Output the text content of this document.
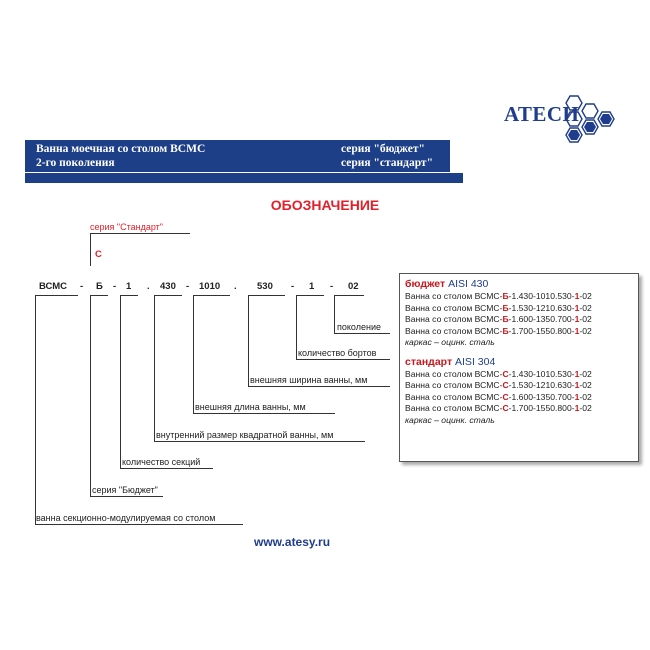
АТЕСИ
Ванна моечная со столом ВСМС
2-го поколения
серия "бюджет"
серия "стандарт"
ОБОЗНАЧЕНИЕ
серия "Стандарт"
С
ВСМС - Б - 1 . 430 - 1010 . 530 - 1 - 02
поколение
количество бортов
внешняя ширина ванны, мм
внешняя длина ванны, мм
внутренний размер квадратной ванны, мм
количество секций
серия "Бюджет"
ванна секционно-модулируемая со столом
бюджет AISI 430
Ванна со столом ВСМС-Б-1.430-1010.530-1-02
Ванна со столом ВСМС-Б-1.530-1210.630-1-02
Ванна со столом ВСМС-Б-1.600-1350.700-1-02
Ванна со столом ВСМС-Б-1.700-1550.800-1-02
каркас – оцинк. сталь
стандарт AISI 304
Ванна со столом ВСМС-С-1.430-1010.530-1-02
Ванна со столом ВСМС-С-1.530-1210.630-1-02
Ванна со столом ВСМС-С-1.600-1350.700-1-02
Ванна со столом ВСМС-С-1.700-1550.800-1-02
каркас – оцинк. сталь
www.atesy.ru
